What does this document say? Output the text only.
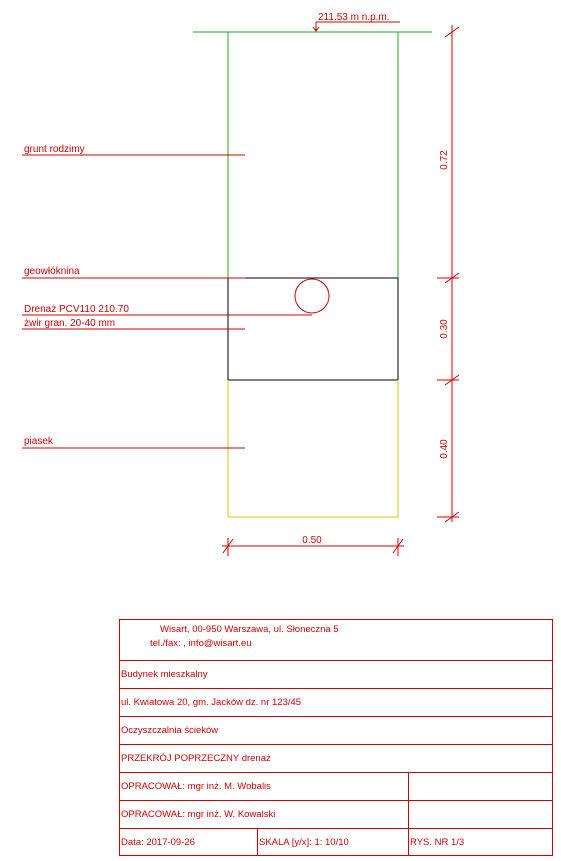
211.53 m n.p.m.
grunt rodzimy
geowłóknina
Drenaż PCV110 210.70
żwir gran. 20-40 mm
piasek
0.72
0.30
0.40
0.50
Wisart, 00-950 Warszawa, ul. Słoneczna 5
tel./fax: , info@wisart.eu
Budynek mieszkalny
ul. Kwiatowa 20, gm. Jacków dz. nr 123/45
Oczyszczalnia ścieków
PRZEKRÓJ POPRZECZNY drenaż
OPRACOWAŁ: mgr inż. M. Wobalis
OPRACOWAŁ: mgr inż. W. Kowalski
Data: 2017-09-26	SKALA [y/x]: 1: 10/10	RYS. NR 1/3
